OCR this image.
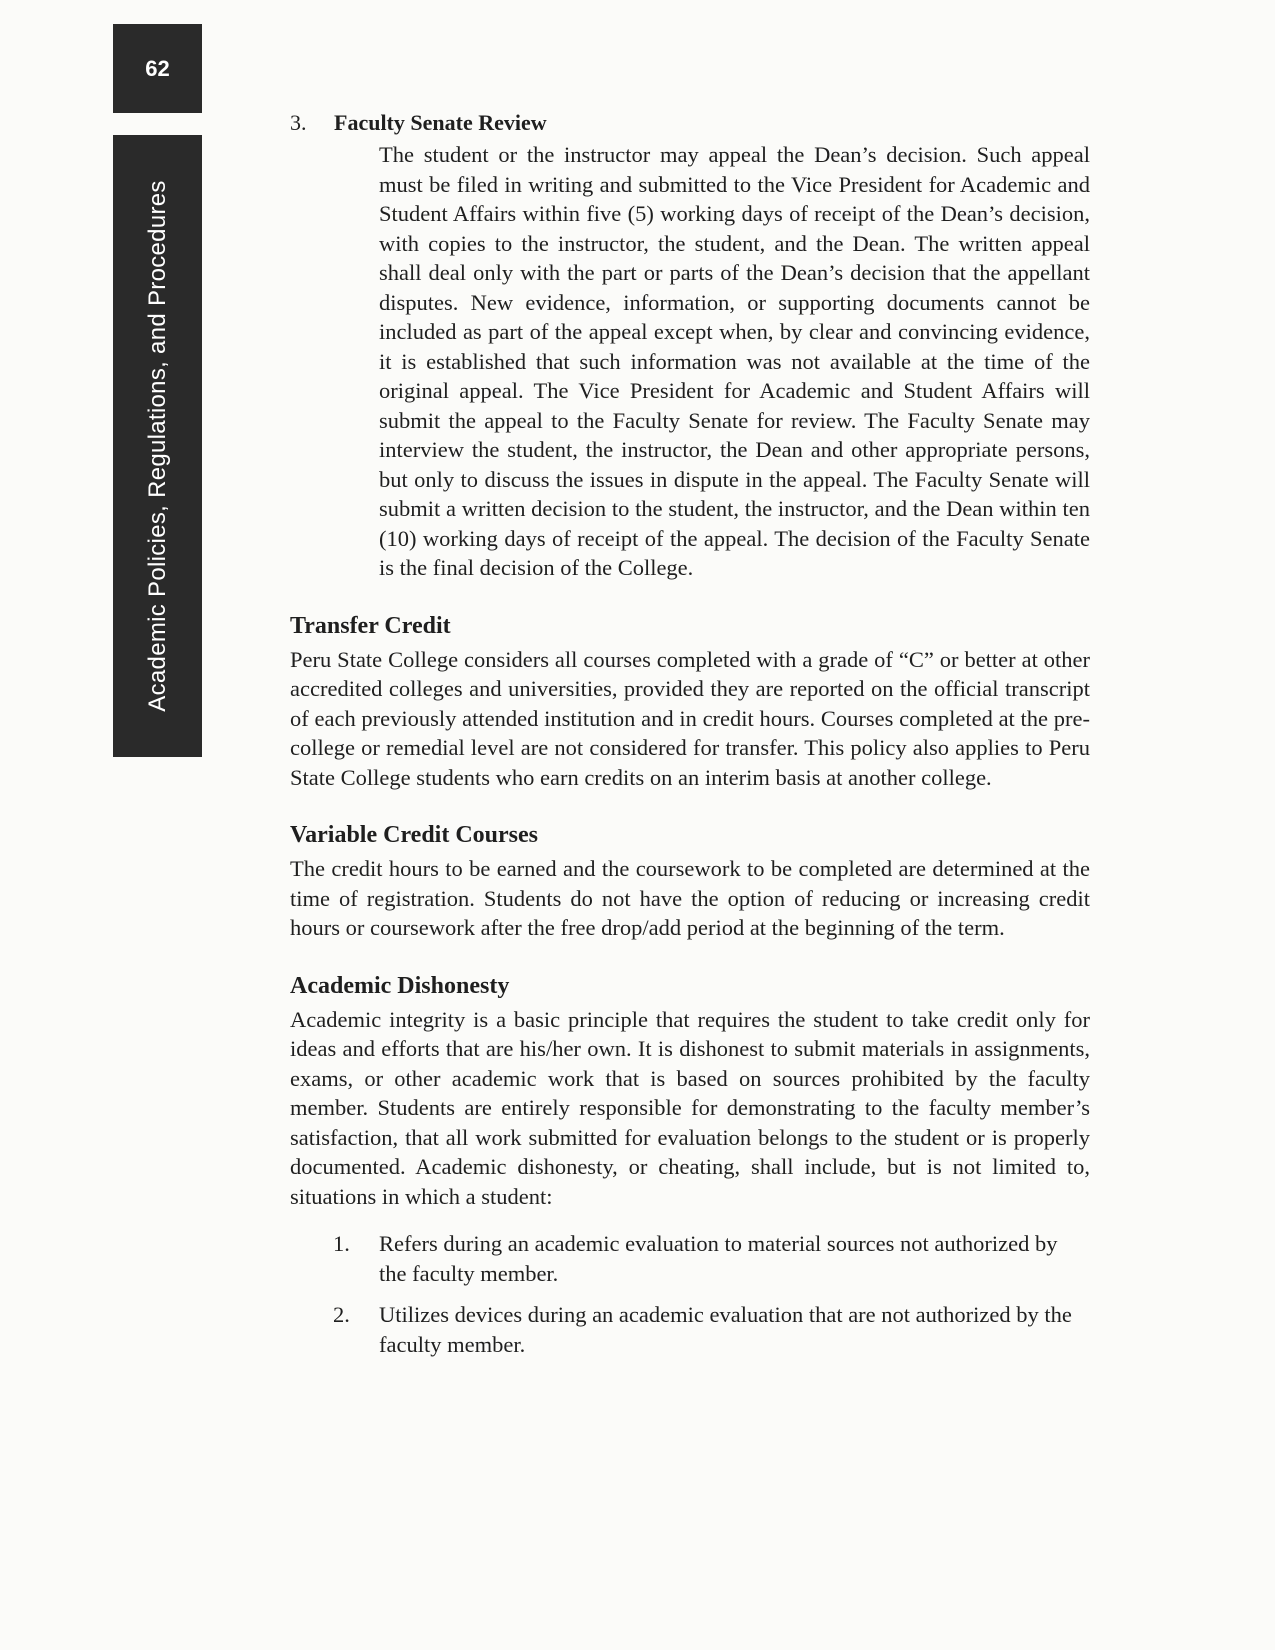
62
Academic Policies, Regulations, and Procedures
3.	Faculty Senate Review

The student or the instructor may appeal the Dean’s decision. Such appeal must be filed in writing and submitted to the Vice President for Academic and Student Affairs within five (5) working days of receipt of the Dean’s decision, with copies to the instructor, the student, and the Dean. The written appeal shall deal only with the part or parts of the Dean’s decision that the appellant disputes. New evidence, information, or supporting documents cannot be included as part of the appeal except when, by clear and convincing evidence, it is established that such information was not available at the time of the original appeal. The Vice President for Academic and Student Affairs will submit the appeal to the Faculty Senate for review. The Faculty Senate may interview the student, the instructor, the Dean and other appropriate persons, but only to discuss the issues in dispute in the appeal. The Faculty Senate will submit a written decision to the student, the instructor, and the Dean within ten (10) working days of receipt of the appeal. The decision of the Faculty Senate is the final decision of the College.

Transfer Credit

Peru State College considers all courses completed with a grade of “C” or better at other accredited colleges and universities, provided they are reported on the official transcript of each previously attended institution and in credit hours. Courses completed at the pre-college or remedial level are not considered for transfer. This policy also applies to Peru State College students who earn credits on an interim basis at another college.

Variable Credit Courses

The credit hours to be earned and the coursework to be completed are determined at the time of registration. Students do not have the option of reducing or increasing credit hours or coursework after the free drop/add period at the beginning of the term.

Academic Dishonesty

Academic integrity is a basic principle that requires the student to take credit only for ideas and efforts that are his/her own. It is dishonest to submit materials in assignments, exams, or other academic work that is based on sources prohibited by the faculty member. Students are entirely responsible for demonstrating to the faculty member’s satisfaction, that all work submitted for evaluation belongs to the student or is properly documented. Academic dishonesty, or cheating, shall include, but is not limited to, situations in which a student:

1.	Refers during an academic evaluation to material sources not authorized by the faculty member.
2.	Utilizes devices during an academic evaluation that are not authorized by the faculty member.
